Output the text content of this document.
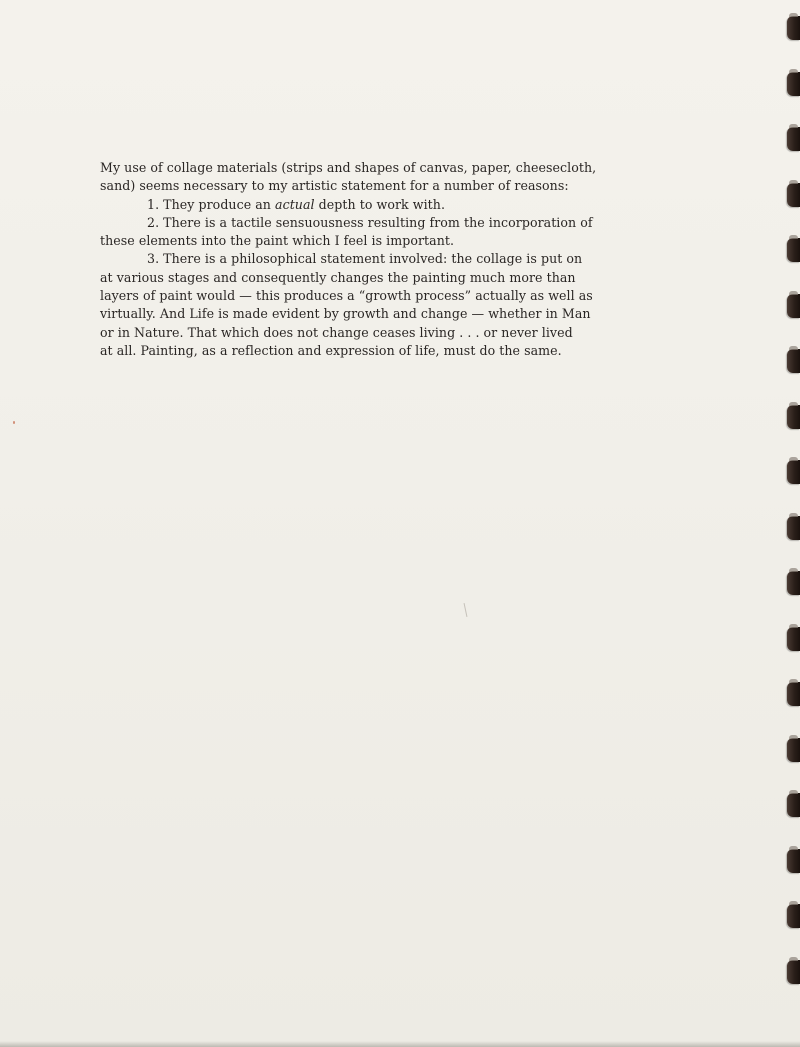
My use of collage materials (strips and shapes of canvas, paper, cheesecloth,
sand) seems necessary to my artistic statement for a number of reasons:
1. They produce an actual depth to work with.
2. There is a tactile sensuousness resulting from the incorporation of
these elements into the paint which I feel is important.
3. There is a philosophical statement involved: the collage is put on
at various stages and consequently changes the painting much more than
layers of paint would — this produces a “growth process” actually as well as
virtually. And Life is made evident by growth and change — whether in Man
or in Nature. That which does not change ceases living . . . or never lived
at all. Painting, as a reflection and expression of life, must do the same.
